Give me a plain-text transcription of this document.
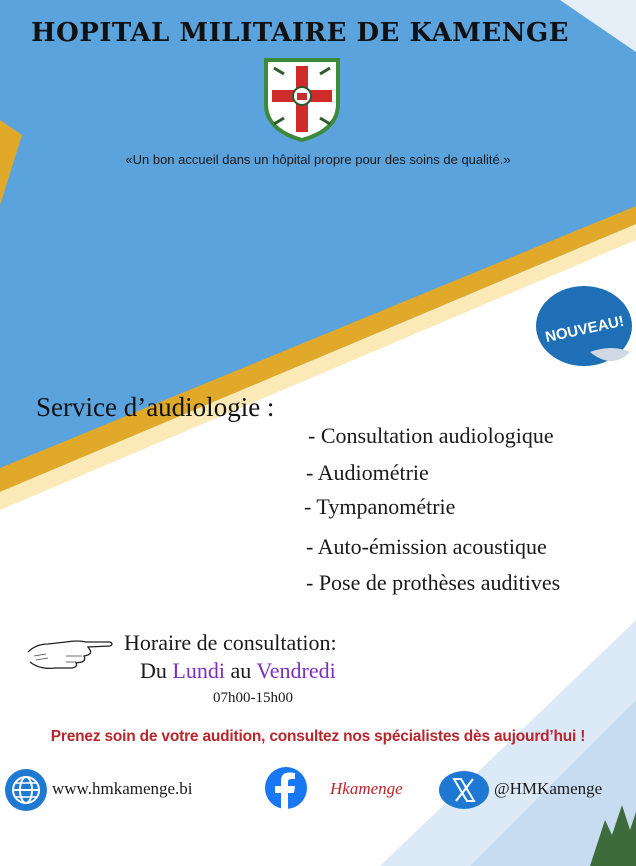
HOPITAL MILITAIRE DE KAMENGE
«Un bon accueil dans un hôpital propre pour des soins de qualité.»
NOUVEAU!
Service d’audiologie :
- Consultation audiologique
- Audiométrie
- Tympanométrie
- Auto-émission acoustique
- Pose de prothèses auditives
Horaire de consultation:
Du Lundi au Vendredi
07h00-15h00
Prenez soin de votre audition, consultez nos spécialistes dès aujourd’hui !
www.hmkamenge.bi	Hkamenge	@HMKamenge
